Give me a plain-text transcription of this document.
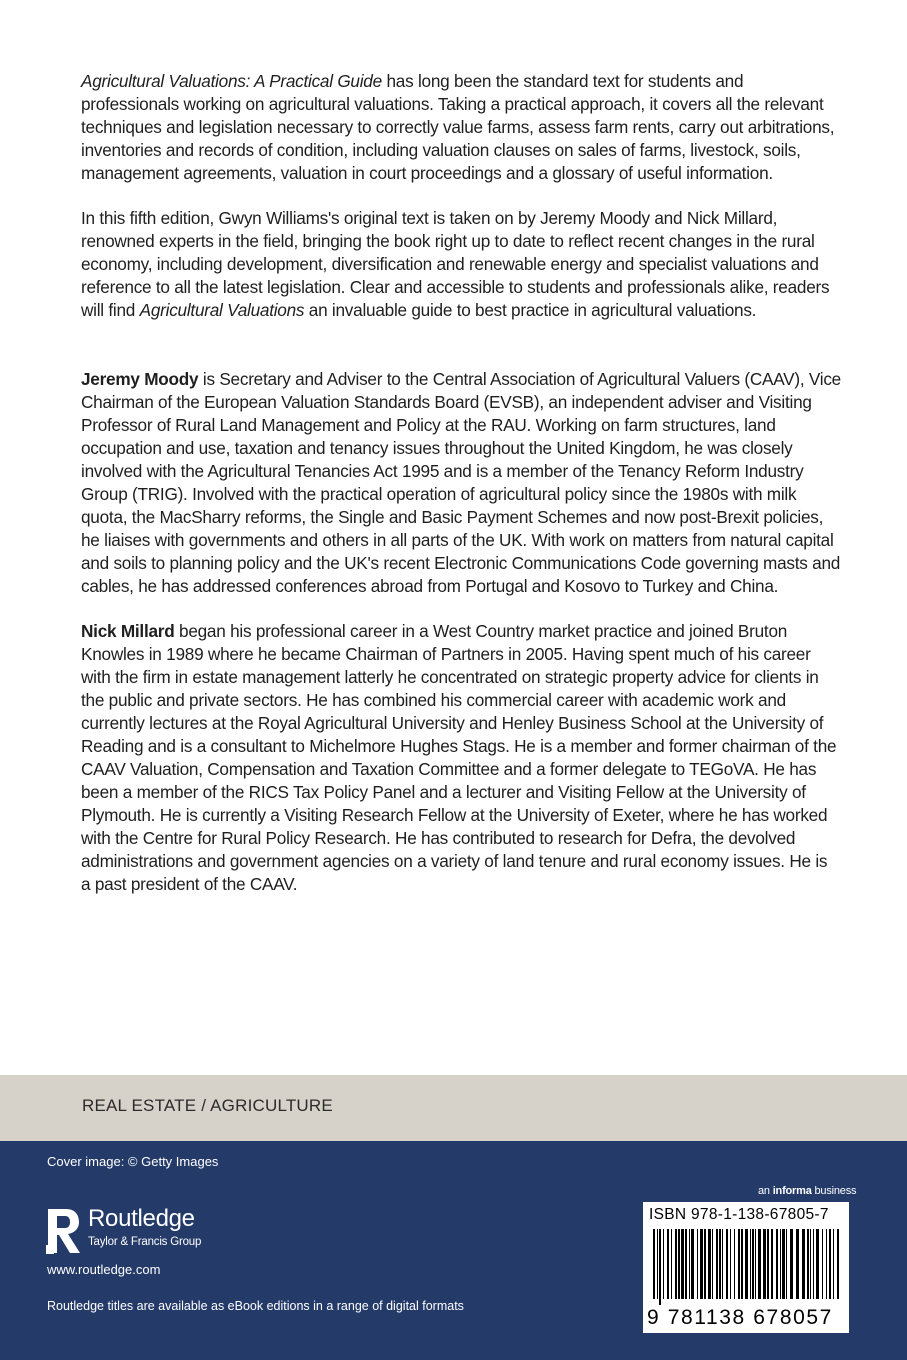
Agricultural Valuations: A Practical Guide has long been the standard text for students and professionals working on agricultural valuations. Taking a practical approach, it covers all the relevant techniques and legislation necessary to correctly value farms, assess farm rents, carry out arbitrations, inventories and records of condition, including valuation clauses on sales of farms, livestock, soils, management agreements, valuation in court proceedings and a glossary of useful information.

In this fifth edition, Gwyn Williams's original text is taken on by Jeremy Moody and Nick Millard, renowned experts in the field, bringing the book right up to date to reflect recent changes in the rural economy, including development, diversification and renewable energy and specialist valuations and reference to all the latest legislation. Clear and accessible to students and professionals alike, readers will find Agricultural Valuations an invaluable guide to best practice in agricultural valuations.

Jeremy Moody is Secretary and Adviser to the Central Association of Agricultural Valuers (CAAV), Vice Chairman of the European Valuation Standards Board (EVSB), an independent adviser and Visiting Professor of Rural Land Management and Policy at the RAU. Working on farm structures, land occupation and use, taxation and tenancy issues throughout the United Kingdom, he was closely involved with the Agricultural Tenancies Act 1995 and is a member of the Tenancy Reform Industry Group (TRIG). Involved with the practical operation of agricultural policy since the 1980s with milk quota, the MacSharry reforms, the Single and Basic Payment Schemes and now post-Brexit policies, he liaises with governments and others in all parts of the UK. With work on matters from natural capital and soils to planning policy and the UK's recent Electronic Communications Code governing masts and cables, he has addressed conferences abroad from Portugal and Kosovo to Turkey and China.

Nick Millard began his professional career in a West Country market practice and joined Bruton Knowles in 1989 where he became Chairman of Partners in 2005. Having spent much of his career with the firm in estate management latterly he concentrated on strategic property advice for clients in the public and private sectors. He has combined his commercial career with academic work and currently lectures at the Royal Agricultural University and Henley Business School at the University of Reading and is a consultant to Michelmore Hughes Stags. He is a member and former chairman of the CAAV Valuation, Compensation and Taxation Committee and a former delegate to TEGoVA. He has been a member of the RICS Tax Policy Panel and a lecturer and Visiting Fellow at the University of Plymouth. He is currently a Visiting Research Fellow at the University of Exeter, where he has worked with the Centre for Rural Policy Research. He has contributed to research for Defra, the devolved administrations and government agencies on a variety of land tenure and rural economy issues. He is a past president of the CAAV.

REAL ESTATE / AGRICULTURE
Cover image: © Getty Images
Routledge
Taylor & Francis Group
www.routledge.com
Routledge titles are available as eBook editions in a range of digital formats
an informa business
ISBN 978-1-138-67805-7
9 781138 678057
